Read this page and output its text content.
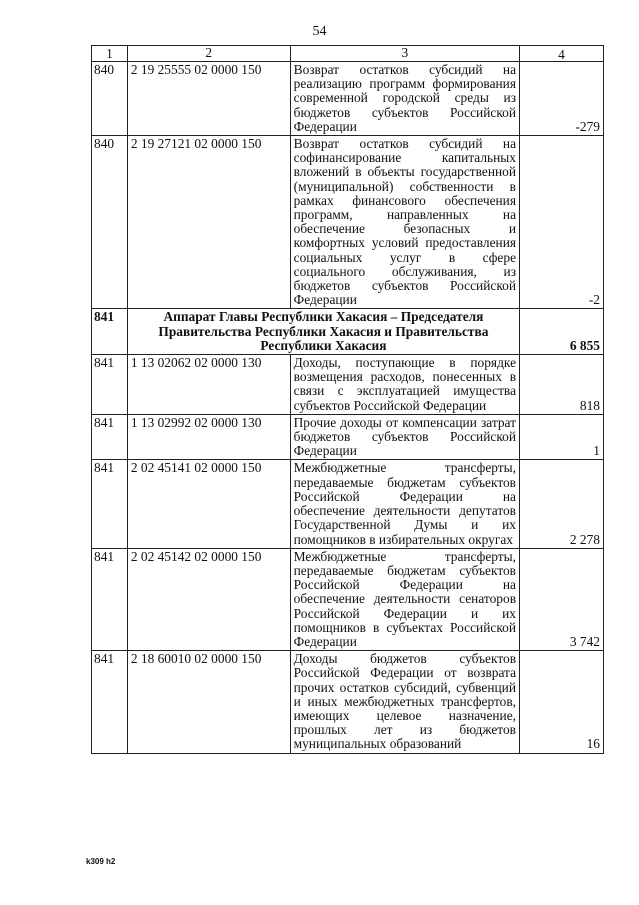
54
1	2	3	4
840	2 19 25555 02 0000 150	Возврат остатков субсидий на реализацию программ формирования современной городской среды из бюджетов субъектов Российской Федерации	-279
840	2 19 27121 02 0000 150	Возврат остатков субсидий на софинансирование капитальных вложений в объекты государственной (муниципальной) собственности в рамках финансового обеспечения программ, направленных на обеспечение безопасных и комфортных условий предоставления социальных услуг в сфере социального обслуживания, из бюджетов субъектов Российской Федерации	-2
841	Аппарат Главы Республики Хакасия – Председателя Правительства Республики Хакасия и Правительства Республики Хакасия		6 855
841	1 13 02062 02 0000 130	Доходы, поступающие в порядке возмещения расходов, понесенных в связи с эксплуатацией имущества субъектов Российской Федерации	818
841	1 13 02992 02 0000 130	Прочие доходы от компенсации затрат бюджетов субъектов Российской Федерации	1
841	2 02 45141 02 0000 150	Межбюджетные трансферты, передаваемые бюджетам субъектов Российской Федерации на обеспечение деятельности депутатов Государственной Думы и их помощников в избирательных округах	2 278
841	2 02 45142 02 0000 150	Межбюджетные трансферты, передаваемые бюджетам субъектов Российской Федерации на обеспечение деятельности сенаторов Российской Федерации и их помощников в субъектах Российской Федерации	3 742
841	2 18 60010 02 0000 150	Доходы бюджетов субъектов Российской Федерации от возврата прочих остатков субсидий, субвенций и иных межбюджетных трансфертов, имеющих целевое назначение, прошлых лет из бюджетов муниципальных образований	16
k309 h2
